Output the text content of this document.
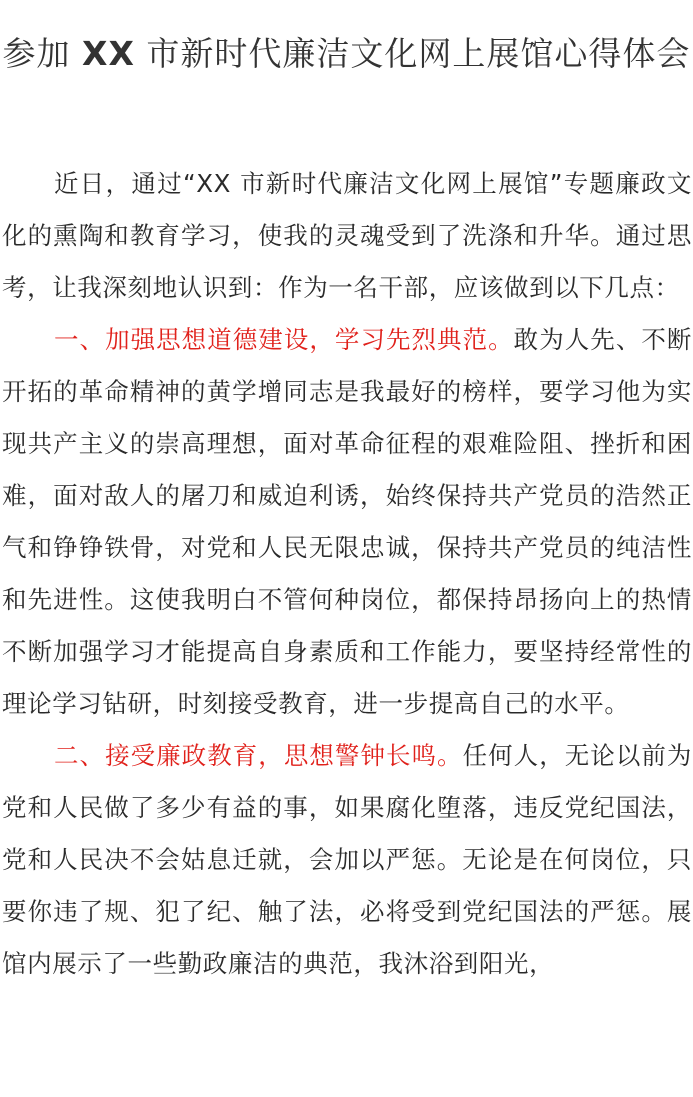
参加 XX 市新时代廉洁文化网上展馆心得体会

近日，通过“XX 市新时代廉洁文化网上展馆”专题廉政文化的熏陶和教育学习，使我的灵魂受到了洗涤和升华。通过思考，让我深刻地认识到：作为一名干部，应该做到以下几点：

一、加强思想道德建设，学习先烈典范。敢为人先、不断开拓的革命精神的黄学增同志是我最好的榜样，要学习他为实现共产主义的崇高理想，面对革命征程的艰难险阻、挫折和困难，面对敌人的屠刀和威迫利诱，始终保持共产党员的浩然正气和铮铮铁骨，对党和人民无限忠诚，保持共产党员的纯洁性和先进性。这使我明白不管何种岗位，都保持昂扬向上的热情不断加强学习才能提高自身素质和工作能力，要坚持经常性的理论学习钻研，时刻接受教育，进一步提高自己的水平。

二、接受廉政教育，思想警钟长鸣。任何人，无论以前为党和人民做了多少有益的事，如果腐化堕落，违反党纪国法，党和人民决不会姑息迁就，会加以严惩。无论是在何岗位，只要你违了规、犯了纪、触了法，必将受到党纪国法的严惩。展馆内展示了一些勤政廉洁的典范，我沐浴到阳光，
